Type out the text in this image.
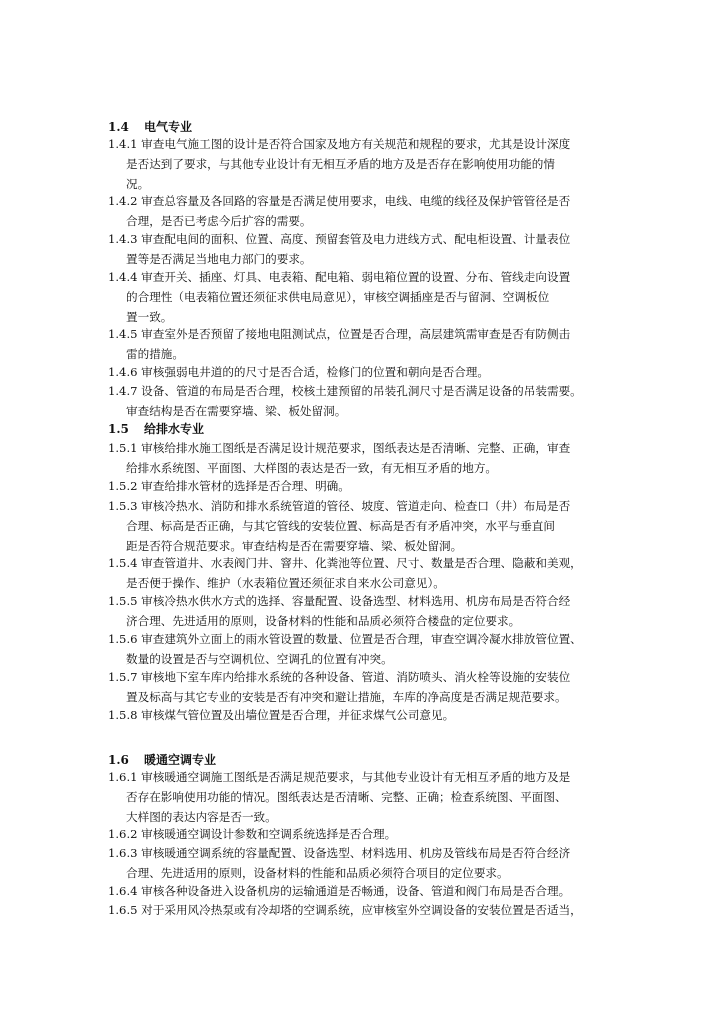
1.4 电气专业
1.4.1 审查电气施工图的设计是否符合国家及地方有关规范和规程的要求，尤其是设计深度
是否达到了要求，与其他专业设计有无相互矛盾的地方及是否存在影响使用功能的情
况。
1.4.2 审查总容量及各回路的容量是否满足使用要求，电线、电缆的线径及保护管管径是否
合理，是否已考虑今后扩容的需要。
1.4.3 审查配电间的面积、位置、高度、预留套管及电力进线方式、配电柜设置、计量表位
置等是否满足当地电力部门的要求。
1.4.4 审查开关、插座、灯具、电表箱、配电箱、弱电箱位置的设置、分布、管线走向设置
的合理性（电表箱位置还须征求供电局意见），审核空调插座是否与留洞、空调板位
置一致。
1.4.5 审查室外是否预留了接地电阻测试点，位置是否合理，高层建筑需审查是否有防侧击
雷的措施。
1.4.6 审核强弱电井道的的尺寸是否合适，检修门的位置和朝向是否合理。
1.4.7 设备、管道的布局是否合理，校核土建预留的吊装孔洞尺寸是否满足设备的吊装需要。
审查结构是否在需要穿墙、梁、板处留洞。
1.5 给排水专业
1.5.1 审核给排水施工图纸是否满足设计规范要求，图纸表达是否清晰、完整、正确，审查
给排水系统图、平面图、大样图的表达是否一致，有无相互矛盾的地方。
1.5.2 审查给排水管材的选择是否合理、明确。
1.5.3 审核冷热水、消防和排水系统管道的管径、坡度、管道走向、检查口（井）布局是否
合理、标高是否正确，与其它管线的安装位置、标高是否有矛盾冲突，水平与垂直间
距是否符合规范要求。审查结构是否在需要穿墙、梁、板处留洞。
1.5.4 审查管道井、水表阀门井、窨井、化粪池等位置、尺寸、数量是否合理、隐蔽和美观，
是否便于操作、维护（水表箱位置还须征求自来水公司意见）。
1.5.5 审核冷热水供水方式的选择、容量配置、设备选型、材料选用、机房布局是否符合经
济合理、先进适用的原则，设备材料的性能和品质必须符合楼盘的定位要求。
1.5.6 审查建筑外立面上的雨水管设置的数量、位置是否合理，审查空调冷凝水排放管位置、
数量的设置是否与空调机位、空调孔的位置有冲突。
1.5.7 审核地下室车库内给排水系统的各种设备、管道、消防喷头、消火栓等设施的安装位
置及标高与其它专业的安装是否有冲突和避让措施，车库的净高度是否满足规范要求。
1.5.8 审核煤气管位置及出墙位置是否合理，并征求煤气公司意见。
1.6 暖通空调专业
1.6.1 审核暖通空调施工图纸是否满足规范要求，与其他专业设计有无相互矛盾的地方及是
否存在影响使用功能的情况。图纸表达是否清晰、完整、正确；检查系统图、平面图、
大样图的表达内容是否一致。
1.6.2 审核暖通空调设计参数和空调系统选择是否合理。
1.6.3 审核暖通空调系统的容量配置、设备选型、材料选用、机房及管线布局是否符合经济
合理、先进适用的原则，设备材料的性能和品质必须符合项目的定位要求。
1.6.4 审核各种设备进入设备机房的运输通道是否畅通，设备、管道和阀门布局是否合理。
1.6.5 对于采用风冷热泵或有冷却塔的空调系统，应审核室外空调设备的安装位置是否适当，
